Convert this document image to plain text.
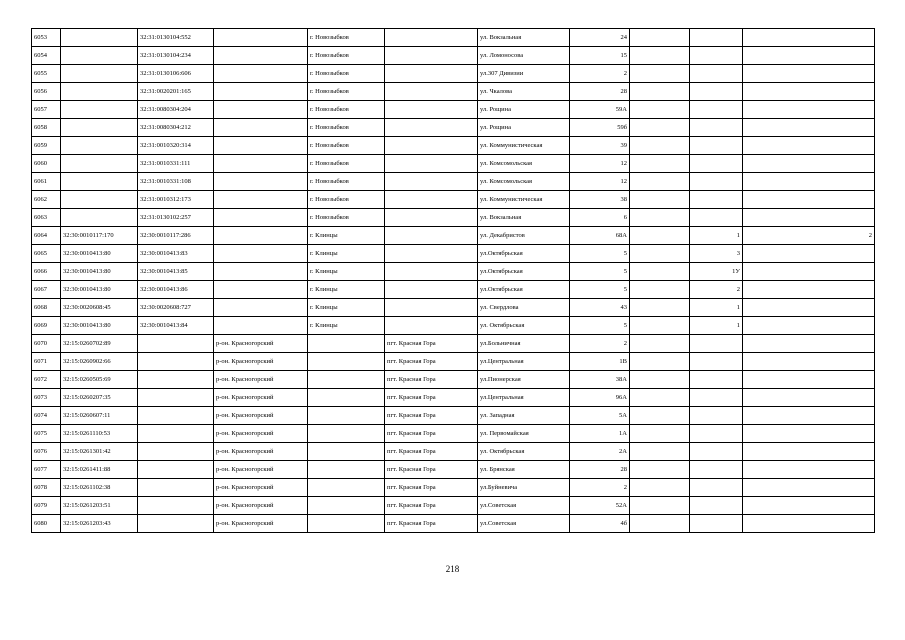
6053		32:31:0130104:552		г. Новозыбков		ул. Вокзальная	24			
6054		32:31:0130104:234		г. Новозыбков		ул. Ломоносова	15			
6055		32:31:0130106:606		г. Новозыбков		ул.307 Дивизии	2			
6056		32:31:0020201:165		г. Новозыбков		ул. Чкалова	28			
6057		32:31:0080304:204		г. Новозыбков		ул. Рощина	59А			
6058		32:31:0080304:212		г. Новозыбков		ул. Рощина	59б			
6059		32:31:0010320:314		г. Новозыбков		ул. Коммунистическая	39			
6060		32:31:0010331:111		г. Новозыбков		ул. Комсомольская	12			
6061		32:31:0010331:108		г. Новозыбков		ул. Комсомольская	12			
6062		32:31:0010312:173		г. Новозыбков		ул. Коммунистическая	38			
6063		32:31:0130102:257		г. Новозыбков		ул. Вокзальная	6			
6064	32:30:0010117:170	32:30:0010117:286		г. Клинцы		ул. Декабристов	68А		1	2
6065	32:30:0010413:80	32:30:0010413:83		г. Клинцы		ул.Октябрьская	5		3	
6066	32:30:0010413:80	32:30:0010413:85		г. Клинцы		ул.Октябрьская	5		1У	
6067	32:30:0010413:80	32:30:0010413:86		г. Клинцы		ул.Октябрьская	5		2	
6068	32:30:0020608:45	32:30:0020608:727		г. Клинцы		ул. Свердлова	43		1	
6069	32:30:0010413:80	32:30:0010413:84		г. Клинцы		ул. Октябрьская	5		1	
6070	32:15:0260702:89		р-он. Красногорский		пгт. Красная Гора	ул.Больничная	2			
6071	32:15:0260902:66		р-он. Красногорский		пгт. Красная Гора	ул.Центральная	1В			
6072	32:15:0260505:69		р-он. Красногорский		пгт. Красная Гора	ул.Пионерская	38А			
6073	32:15:0260207:35		р-он. Красногорский		пгт. Красная Гора	ул.Центральная	96А			
6074	32:15:0260607:11		р-он. Красногорский		пгт. Красная Гора	ул. Западная	5А			
6075	32:15:0261110:53		р-он. Красногорский		пгт. Красная Гора	ул. Первомайская	1А			
6076	32:15:0261301:42		р-он. Красногорский		пгт. Красная Гора	ул. Октябрьская	2А			
6077	32:15:0261411:88		р-он. Красногорский		пгт. Красная Гора	ул. Брянская	28			
6078	32:15:0261102:38		р-он. Красногорский		пгт. Красная Гора	ул.Буйневича	2			
6079	32:15:0261203:51		р-он. Красногорский		пгт. Красная Гора	ул.Советская	52А			
6080	32:15:0261203:43		р-он. Красногорский		пгт. Красная Гора	ул.Советская	4б			
218
